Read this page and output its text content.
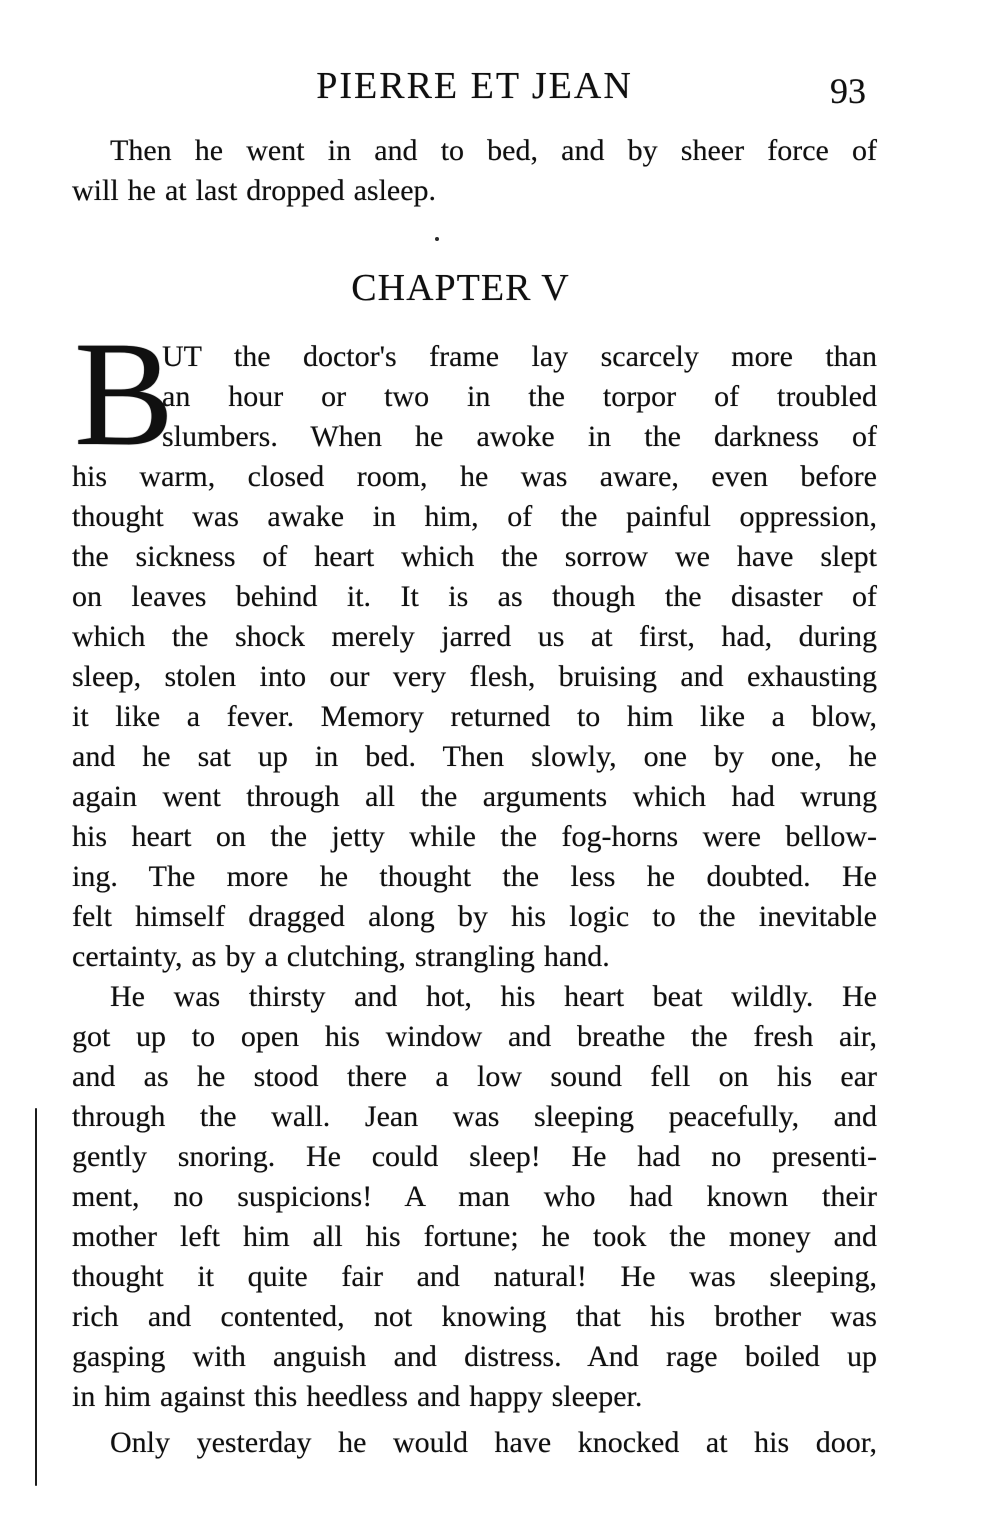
PIERRE ET JEAN	93
Then he went in and to bed, and by sheer force of
will he at last dropped asleep.
CHAPTER V
B
UT the doctor's frame lay scarcely more than
an hour or two in the torpor of troubled
slumbers. When he awoke in the darkness of
his warm, closed room, he was aware, even before
thought was awake in him, of the painful oppression,
the sickness of heart which the sorrow we have slept
on leaves behind it. It is as though the disaster of
which the shock merely jarred us at first, had, during
sleep, stolen into our very flesh, bruising and exhausting
it like a fever. Memory returned to him like a blow,
and he sat up in bed. Then slowly, one by one, he
again went through all the arguments which had wrung
his heart on the jetty while the fog-horns were bellow-
ing. The more he thought the less he doubted. He
felt himself dragged along by his logic to the inevitable
certainty, as by a clutching, strangling hand.
He was thirsty and hot, his heart beat wildly. He
got up to open his window and breathe the fresh air,
and as he stood there a low sound fell on his ear
through the wall. Jean was sleeping peacefully, and
gently snoring. He could sleep! He had no presenti-
ment, no suspicions! A man who had known their
mother left him all his fortune; he took the money and
thought it quite fair and natural! He was sleeping,
rich and contented, not knowing that his brother was
gasping with anguish and distress. And rage boiled up
in him against this heedless and happy sleeper.
Only yesterday he would have knocked at his door,
